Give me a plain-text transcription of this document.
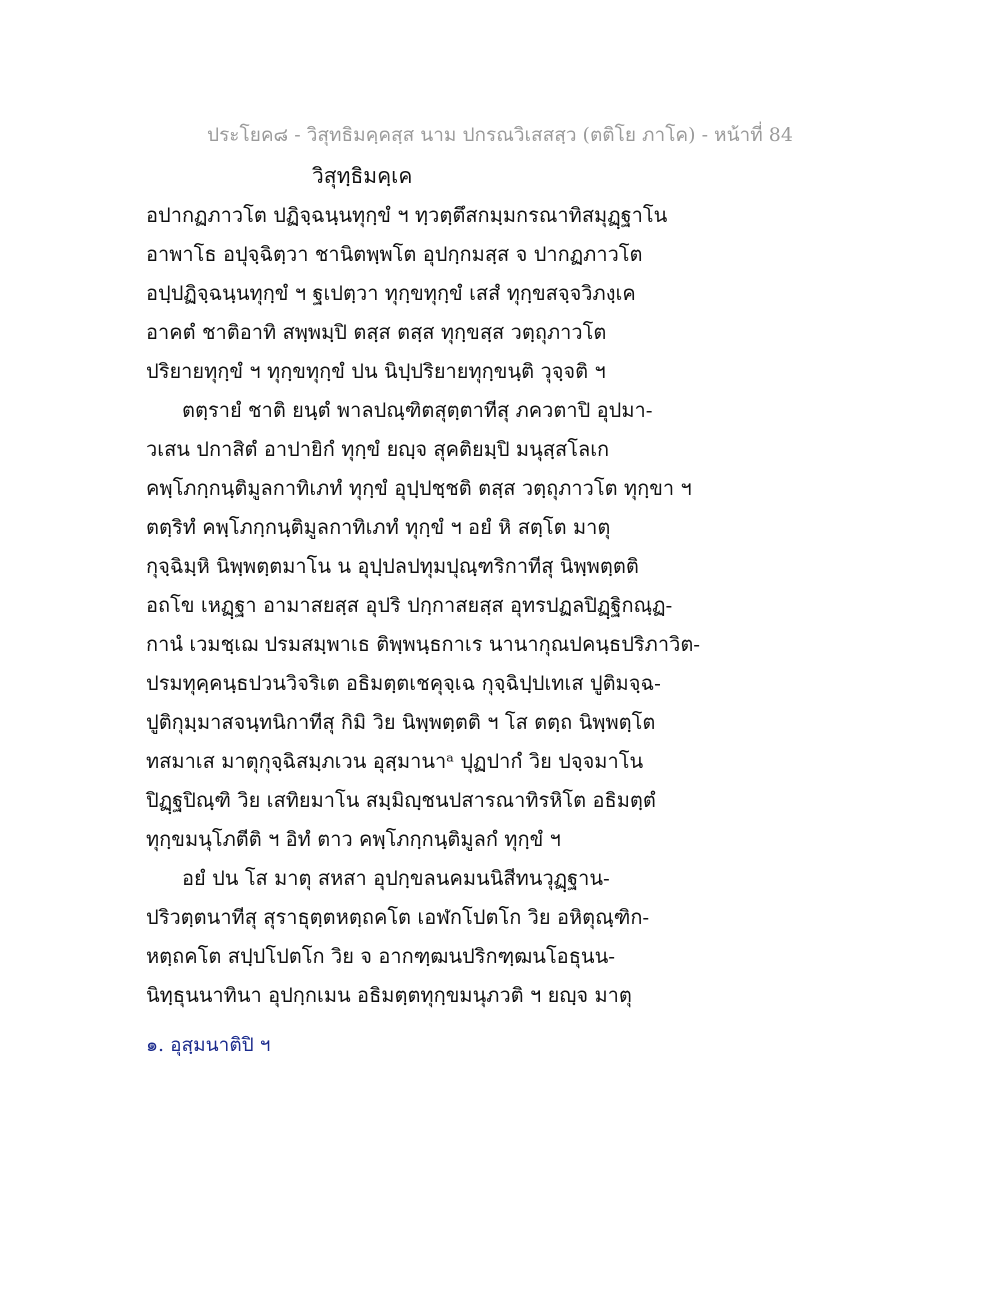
ประโยค๘ - วิสุทธิมคฺคสฺส นาม ปกรณวิเสสสฺว (ตติโย ภาโค) - หน้าที่ 84
วิสุทฺธิมคฺเค
อปากฏภาวโต ปฏิจฺฉนฺนทุกฺขํ ฯ ทฺวตฺตึสกมฺมกรณาทิสมุฏฺฐาโน
อาพาโธ อปุจฺฉิตฺวา ชานิตพฺพโต อุปกฺกมสฺส จ ปากฏภาวโต
อปฺปฏิจฺฉนฺนทุกฺขํ ฯ ฐเปตฺวา ทุกฺขทุกฺขํ เสสํ ทุกฺขสจฺจวิภงฺเค
อาคตํ ชาติอาทิ สพฺพมฺปิ ตสฺส ตสฺส ทุกฺขสฺส วตฺถุภาวโต
ปริยายทุกฺขํ ฯ ทุกฺขทุกฺขํ ปน นิปฺปริยายทุกฺขนฺติ วุจฺจติ ฯ
ตตฺรายํ ชาติ ยนฺตํ พาลปณฺฑิตสุตฺตาทีสุ ภควตาปิ อุปมา-
วเสน ปกาสิตํ อาปายิกํ ทุกฺขํ ยญฺจ สุคติยมฺปิ มนุสฺสโลเก
คพฺโภกฺกนฺติมูลกาทิเภทํ ทุกฺขํ อุปฺปชฺชติ ตสฺส วตฺถุภาวโต ทุกฺขา ฯ
ตตฺริทํ คพฺโภกฺกนฺติมูลกาทิเภทํ ทุกฺขํ ฯ อยํ หิ สตฺโต มาตุ
กุจฺฉิมฺหิ นิพฺพตฺตมาโน น อุปฺปลปทุมปุณฺฑริกาทีสุ นิพฺพตฺตติ
อถโข เหฏฺฐา อามาสยสฺส อุปริ ปกฺกาสยสฺส อุทรปฏลปิฏฺฐิกณฺฏ-
กานํ เวมชฺเฌ ปรมสมฺพาเธ ติพฺพนฺธกาเร นานากุณปคนฺธปริภาวิต-
ปรมทุคฺคนฺธปวนวิจริเต อธิมตฺตเชคุจฺเฉ กุจฺฉิปฺปเทเส ปูติมจฺฉ-
ปูติกุมฺมาสจนฺทนิกาทีสุ กิมิ วิย นิพฺพตฺตติ ฯ โส ตตฺถ นิพฺพตฺโต
ทสมาเส มาตุกุจฺฉิสมฺภเวน อุสฺมานาᵃ ปุฏปากํ วิย ปจฺจมาโน
ปิฏฺฐปิณฺฑิ วิย เสทิยมาโน สมฺมิญฺชนปสารณาทิรหิโต อธิมตฺตํ
ทุกฺขมนุโภตีติ ฯ อิทํ ตาว คพฺโภกฺกนฺติมูลกํ ทุกฺขํ ฯ
อยํ ปน โส มาตุ สหสา อุปกฺขลนคมนนิสีทนวุฏฺฐาน-
ปริวตฺตนาทีสุ สุราธุตฺตหตฺถคโต เอฬกโปตโก วิย อหิตุณฺฑิก-
หตฺถคโต สปฺปโปตโก วิย จ อากฑฺฒนปริกฑฺฒนโอธุนน-
นิทฺธุนนาทินา อุปกฺกเมน อธิมตฺตทุกฺขมนุภวติ ฯ ยญฺจ มาตุ
๑. อุสฺมนาติปิ ฯ
